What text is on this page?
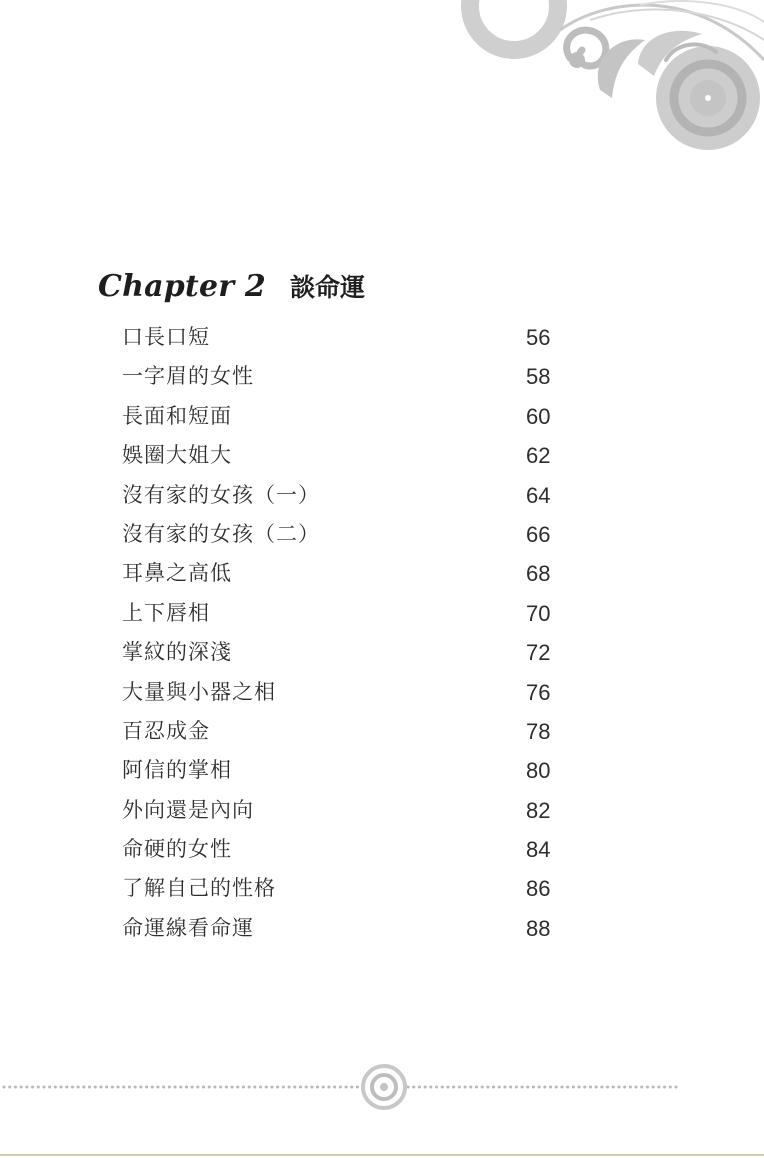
Chapter 2 談命運
口長口短	56
一字眉的女性	58
長面和短面	60
娛圈大姐大	62
沒有家的女孩（一）	64
沒有家的女孩（二）	66
耳鼻之高低	68
上下唇相	70
掌紋的深淺	72
大量與小器之相	76
百忍成金	78
阿信的掌相	80
外向還是內向	82
命硬的女性	84
了解自己的性格	86
命運線看命運	88
